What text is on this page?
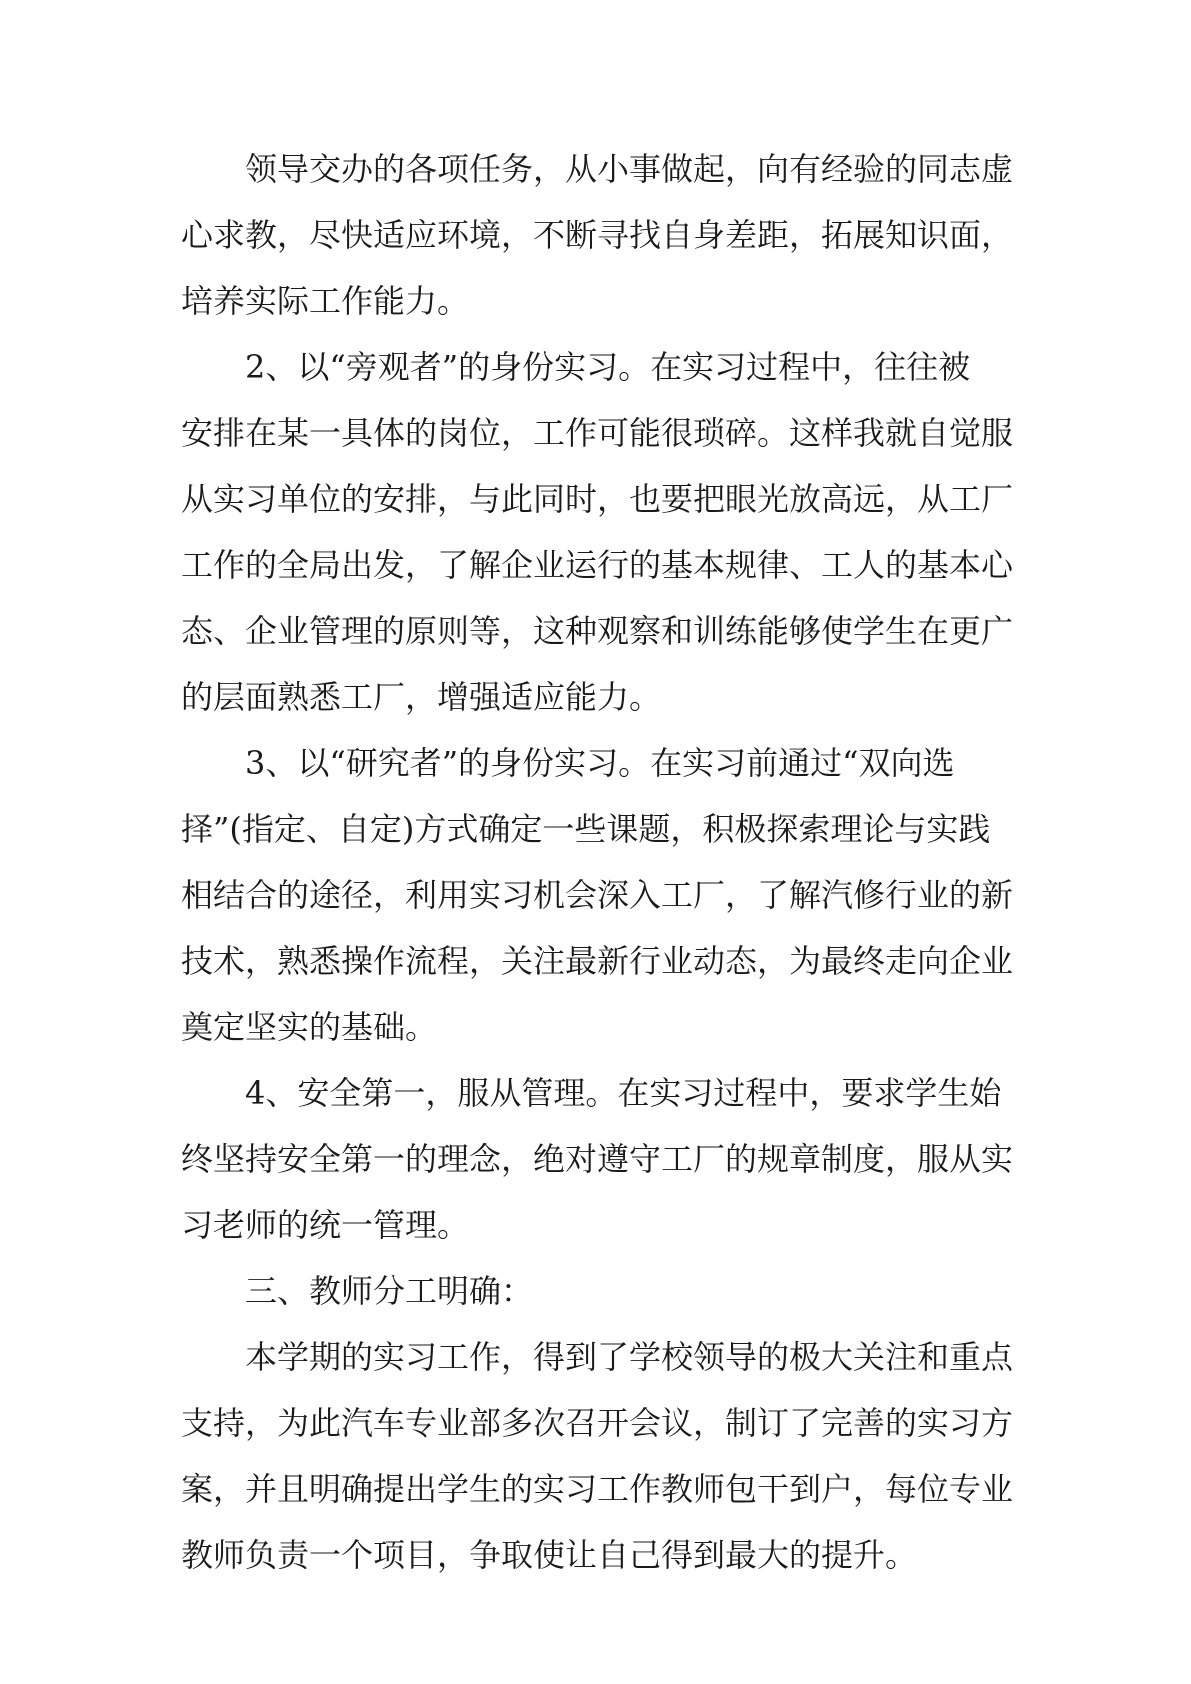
领导交办的各项任务，从小事做起，向有经验的同志虚
心求教，尽快适应环境，不断寻找自身差距，拓展知识面，
培养实际工作能力。
2、以“旁观者”的身份实习。在实习过程中，往往被
安排在某一具体的岗位，工作可能很琐碎。这样我就自觉服
从实习单位的安排，与此同时，也要把眼光放高远，从工厂
工作的全局出发，了解企业运行的基本规律、工人的基本心
态、企业管理的原则等，这种观察和训练能够使学生在更广
的层面熟悉工厂，增强适应能力。
3、以“研究者”的身份实习。在实习前通过“双向选
择”(指定、自定)方式确定一些课题，积极探索理论与实践
相结合的途径，利用实习机会深入工厂，了解汽修行业的新
技术，熟悉操作流程，关注最新行业动态，为最终走向企业
奠定坚实的基础。
4、安全第一，服从管理。在实习过程中，要求学生始
终坚持安全第一的理念，绝对遵守工厂的规章制度，服从实
习老师的统一管理。
三、教师分工明确：
本学期的实习工作，得到了学校领导的极大关注和重点
支持，为此汽车专业部多次召开会议，制订了完善的实习方
案，并且明确提出学生的实习工作教师包干到户，每位专业
教师负责一个项目，争取使让自己得到最大的提升。
